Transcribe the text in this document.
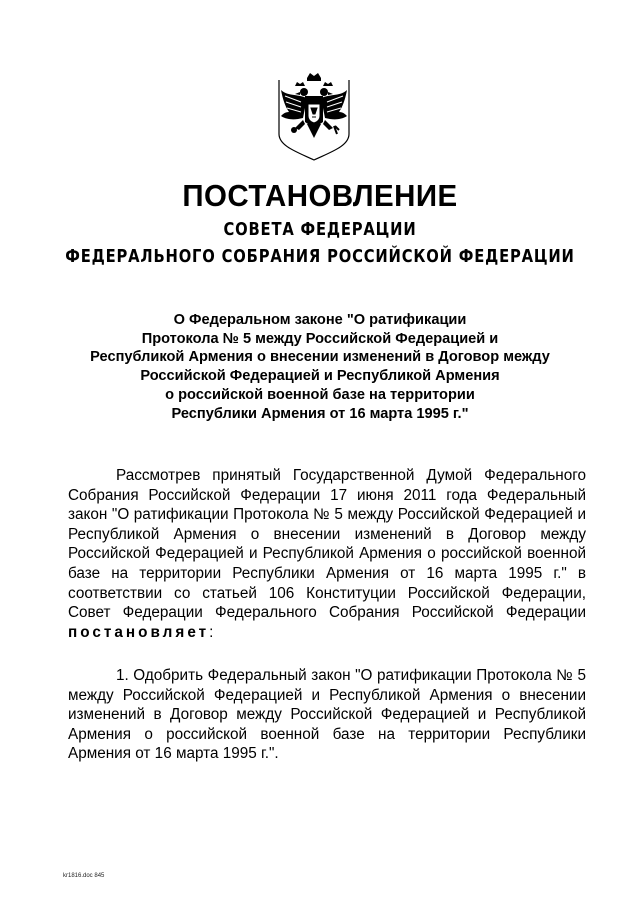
ПОСТАНОВЛЕНИЕ
СОВЕТА ФЕДЕРАЦИИ
ФЕДЕРАЛЬНОГО СОБРАНИЯ РОССИЙСКОЙ ФЕДЕРАЦИИ
О Федеральном законе "О ратификации
Протокола № 5 между Российской Федерацией и
Республикой Армения о внесении изменений в Договор между
Российской Федерацией и Республикой Армения
о российской военной базе на территории
Республики Армения от 16 марта 1995 г."

Рассмотрев принятый Государственной Думой Федерального Собрания Российской Федерации 17 июня 2011 года Федеральный закон "О ратификации Протокола № 5 между Российской Федерацией и Республикой Армения о внесении изменений в Договор между Российской Федерацией и Республикой Армения о российской военной базе на территории Республики Армения от 16 марта 1995 г." в соответствии со статьей 106 Конституции Российской Федерации, Совет Федерации Федерального Собрания Российской Федерации постановляет:

1. Одобрить Федеральный закон "О ратификации Протокола № 5 между Российской Федерацией и Республикой Армения о внесении изменений в Договор между Российской Федерацией и Республикой Армения о российской военной базе на территории Республики Армения от 16 марта 1995 г.".

kr1816.doc 845
